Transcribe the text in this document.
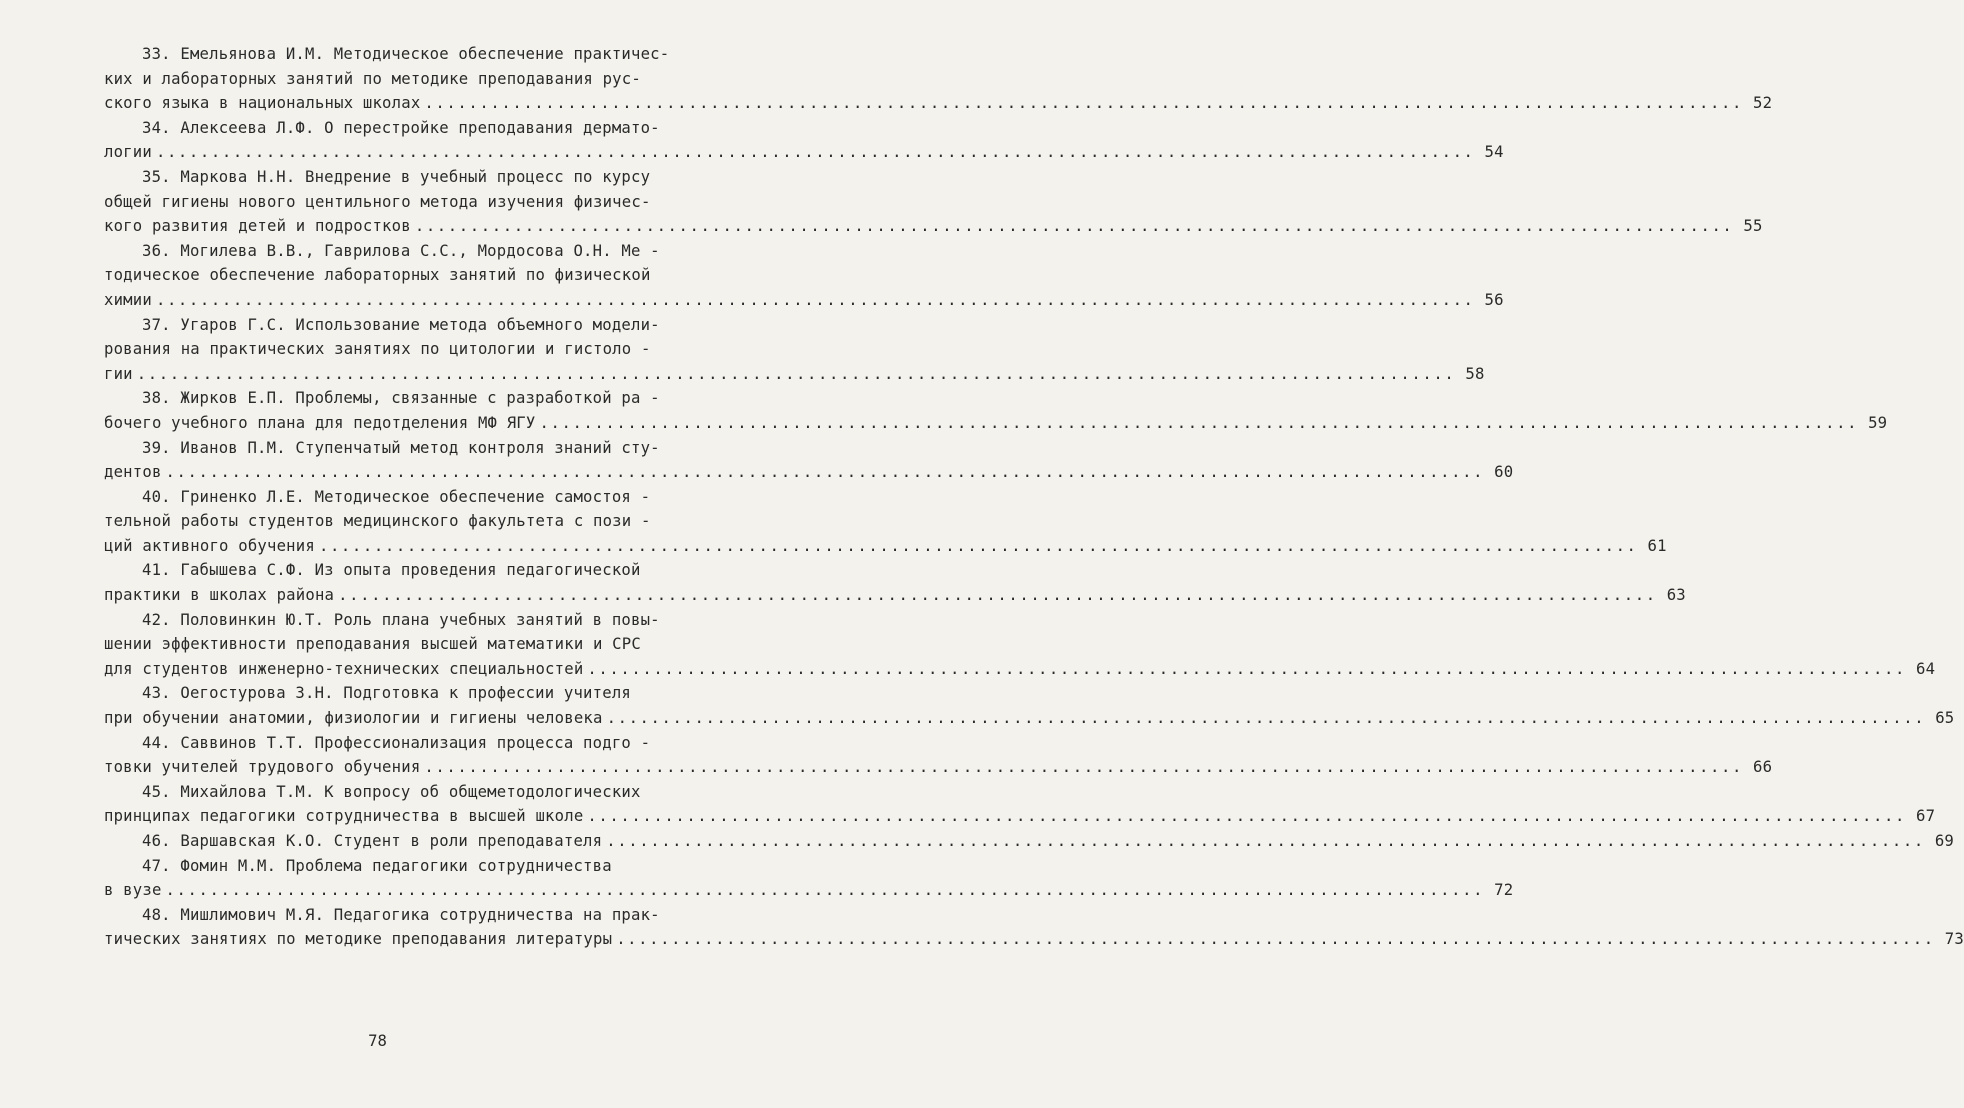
33. Емельянова И.М. Методическое обеспечение практичес-
ких и лабораторных занятий по методике преподавания рус-
ского языка в национальных школах ........................................................................................................................ 52
34. Алексеева Л.Ф. О перестройке преподавания дермато-
логии ........................................................................................................................ 54
35. Маркова Н.Н. Внедрение в учебный процесс по курсу
общей гигиены нового центильного метода изучения физичес-
кого развития детей и подростков ........................................................................................................................ 55
36. Могилева В.В., Гаврилова С.С., Мордосова О.Н. Ме -
тодическое обеспечение лабораторных занятий по физической
химии ........................................................................................................................ 56
37. Угаров Г.С. Использование метода объемного модели-
рования на практических занятиях по цитологии и гистоло -
гии ........................................................................................................................ 58
38. Жирков Е.П. Проблемы, связанные с разработкой ра -
бочего учебного плана для педотделения МФ ЯГУ ........................................................................................................................ 59
39. Иванов П.М. Ступенчатый метод контроля знаний сту-
дентов ........................................................................................................................ 60
40. Гриненко Л.Е. Методическое обеспечение самостоя -
тельной работы студентов медицинского факультета с пози -
ций активного обучения ........................................................................................................................ 61
41. Габышева С.Ф. Из опыта проведения педагогической
практики в школах района ........................................................................................................................ 63
42. Половинкин Ю.Т. Роль плана учебных занятий в повы-
шении эффективности преподавания высшей математики и СРС
для студентов инженерно-технических специальностей ........................................................................................................................ 64
43. Оегостурова З.Н. Подготовка к профессии учителя
при обучении анатомии, физиологии и гигиены человека ........................................................................................................................ 65
44. Саввинов Т.Т. Профессионализация процесса подго -
товки учителей трудового обучения ........................................................................................................................ 66
45. Михайлова Т.М. К вопросу об общеметодологических
принципах педагогики сотрудничества в высшей школе ........................................................................................................................ 67
46. Варшавская К.О. Студент в роли преподавателя ........................................................................................................................ 69
47. Фомин М.М. Проблема педагогики сотрудничества
в вузе ........................................................................................................................ 72
48. Мишлимович М.Я. Педагогика сотрудничества на прак-
тических занятиях по методике преподавания литературы ........................................................................................................................ 73
78
